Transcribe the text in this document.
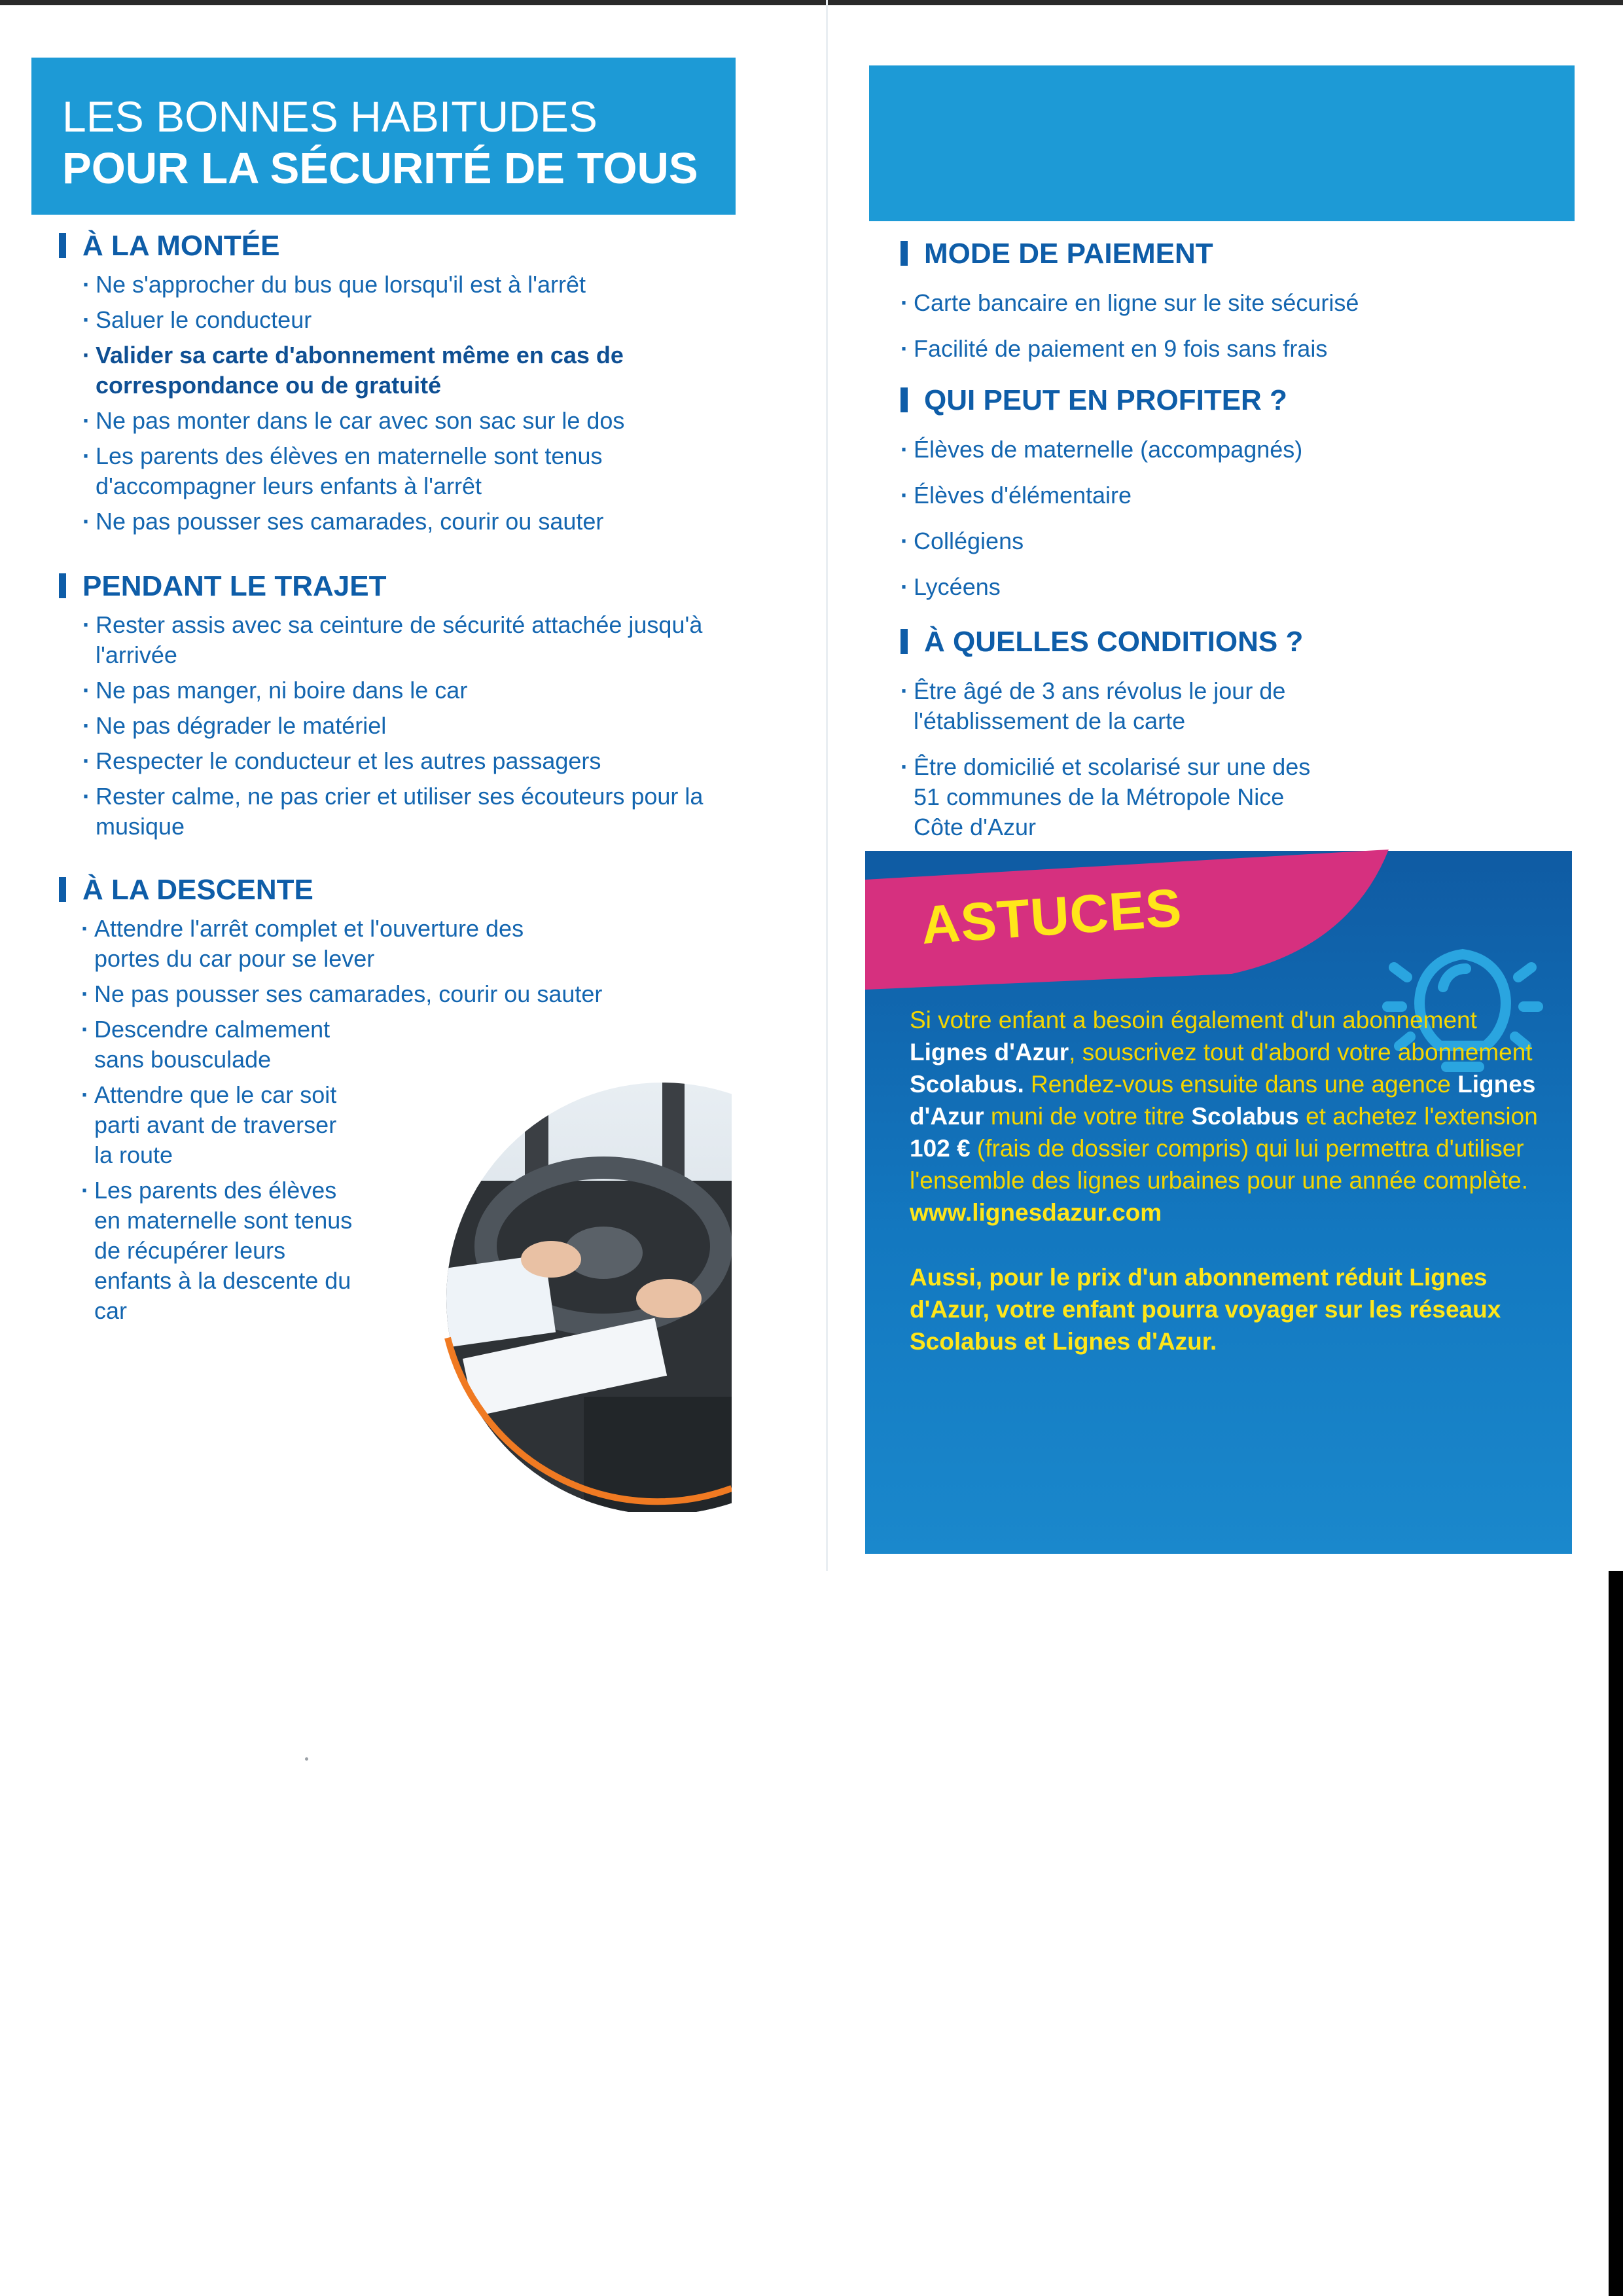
LES BONNES HABITUDES
POUR LA SÉCURITÉ DE TOUS
À LA MONTÉE
· Ne s'approcher du bus que lorsqu'il est à l'arrêt
· Saluer le conducteur
· Valider sa carte d'abonnement même en cas de correspondance ou de gratuité
· Ne pas monter dans le car avec son sac sur le dos
· Les parents des élèves en maternelle sont tenus d'accompagner leurs enfants à l'arrêt
· Ne pas pousser ses camarades, courir ou sauter
PENDANT LE TRAJET
· Rester assis avec sa ceinture de sécurité attachée jusqu'à l'arrivée
· Ne pas manger, ni boire dans le car
· Ne pas dégrader le matériel
· Respecter le conducteur et les autres passagers
· Rester calme, ne pas crier et utiliser ses écouteurs pour la musique
À LA DESCENTE
· Attendre l'arrêt complet et l'ouverture des portes du car pour se lever
· Ne pas pousser ses camarades, courir ou sauter
· Descendre calmement sans bousculade
· Attendre que le car soit parti avant de traverser la route
· Les parents des élèves en maternelle sont tenus de récupérer leurs enfants à la descente du car
MODE DE PAIEMENT
· Carte bancaire en ligne sur le site sécurisé
· Facilité de paiement en 9 fois sans frais
QUI PEUT EN PROFITER ?
· Élèves de maternelle (accompagnés)
· Élèves d'élémentaire
· Collégiens
· Lycéens
À QUELLES CONDITIONS ?
· Être âgé de 3 ans révolus le jour de l'établissement de la carte
· Être domicilié et scolarisé sur une des 51 communes de la Métropole Nice Côte d'Azur
ASTUCES

Si votre enfant a besoin également d'un abonnement Lignes d'Azur, souscrivez tout d'abord votre abonnement Scolabus. Rendez-vous ensuite dans une agence Lignes d'Azur muni de votre titre Scolabus et achetez l'extension 102 € (frais de dossier compris) qui lui permettra d'utiliser l'ensemble des lignes urbaines pour une année complète.
www.lignesdazur.com

Aussi, pour le prix d'un abonnement réduit Lignes d'Azur, votre enfant pourra voyager sur les réseaux Scolabus et Lignes d'Azur.
